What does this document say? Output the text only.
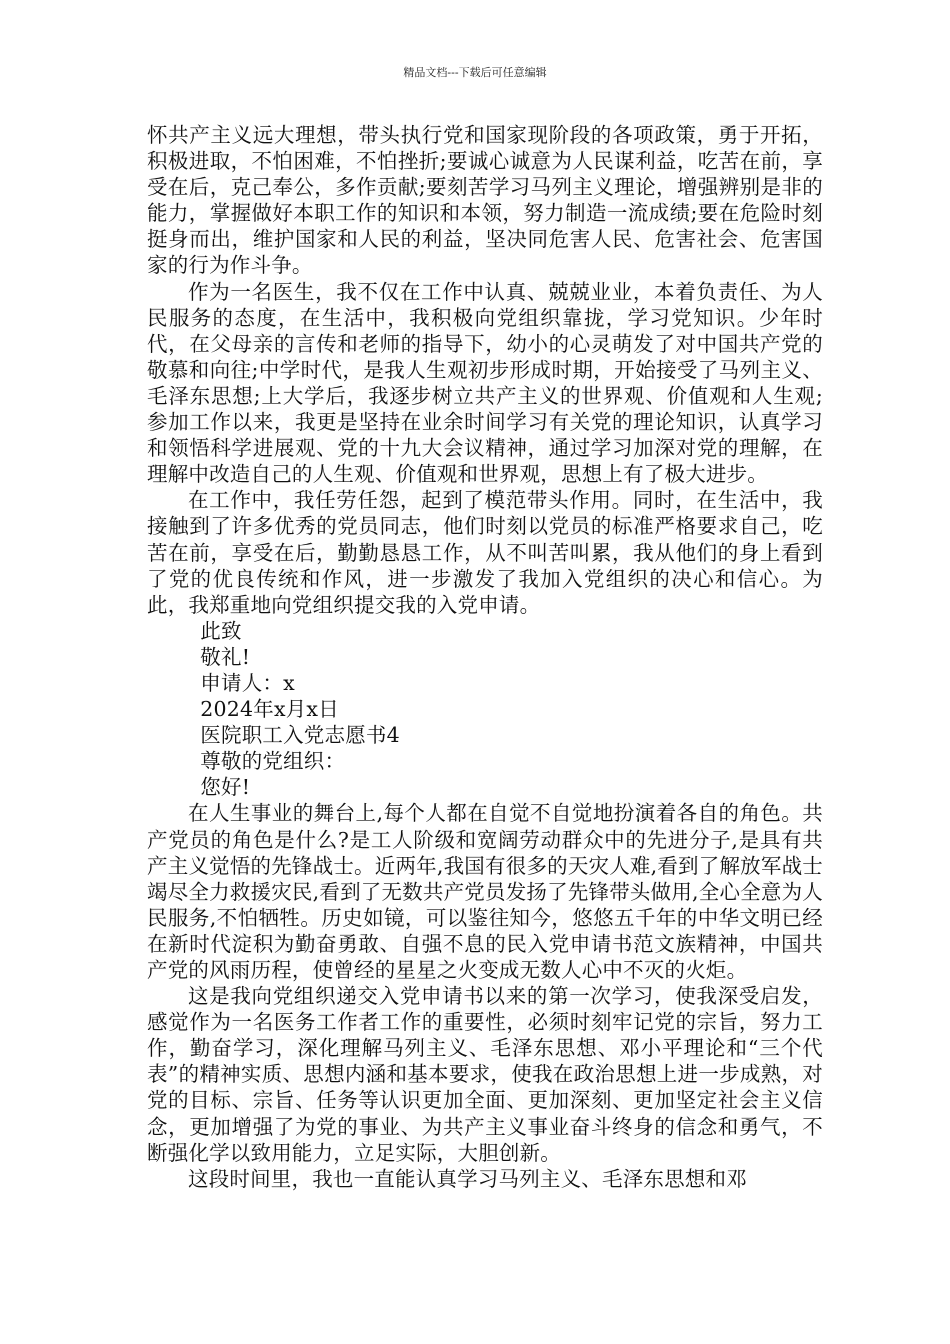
精品文档---下载后可任意编辑

怀共产主义远大理想，带头执行党和国家现阶段的各项政策，勇于开拓，积极进取，不怕困难，不怕挫折;要诚心诚意为人民谋利益，吃苦在前，享受在后，克己奉公，多作贡献;要刻苦学习马列主义理论，增强辨别是非的能力，掌握做好本职工作的知识和本领，努力制造一流成绩;要在危险时刻挺身而出，维护国家和人民的利益，坚决同危害人民、危害社会、危害国家的行为作斗争。

作为一名医生，我不仅在工作中认真、兢兢业业，本着负责任、为人民服务的态度，在生活中，我积极向党组织靠拢，学习党知识。少年时代，在父母亲的言传和老师的指导下，幼小的心灵萌发了对中国共产党的敬慕和向往;中学时代，是我人生观初步形成时期，开始接受了马列主义、毛泽东思想;上大学后，我逐步树立共产主义的世界观、价值观和人生观;参加工作以来，我更是坚持在业余时间学习有关党的理论知识，认真学习和领悟科学进展观、党的十九大会议精神，通过学习加深对党的理解，在理解中改造自己的人生观、价值观和世界观，思想上有了极大进步。

在工作中，我任劳任怨，起到了模范带头作用。同时，在生活中，我接触到了许多优秀的党员同志，他们时刻以党员的标准严格要求自己，吃苦在前，享受在后，勤勤恳恳工作，从不叫苦叫累，我从他们的身上看到了党的优良传统和作风，进一步激发了我加入党组织的决心和信心。为此，我郑重地向党组织提交我的入党申请。

此致

敬礼!

申请人：x

2024年x月x日

医院职工入党志愿书4

尊敬的党组织：

您好!

在人生事业的舞台上,每个人都在自觉不自觉地扮演着各自的角色。共产党员的角色是什么?是工人阶级和宽阔劳动群众中的先进分子,是具有共产主义觉悟的先锋战士。近两年,我国有很多的天灾人难,看到了解放军战士竭尽全力救援灾民,看到了无数共产党员发扬了先锋带头做用,全心全意为人民服务,不怕牺牲。历史如镜，可以鉴往知今，悠悠五千年的中华文明已经在新时代淀积为勤奋勇敢、自强不息的民入党申请书范文族精神，中国共产党的风雨历程，使曾经的星星之火变成无数人心中不灭的火炬。

这是我向党组织递交入党申请书以来的第一次学习，使我深受启发，感觉作为一名医务工作者工作的重要性，必须时刻牢记党的宗旨，努力工作，勤奋学习，深化理解马列主义、毛泽东思想、邓小平理论和“三个代表”的精神实质、思想内涵和基本要求，使我在政治思想上进一步成熟，对党的目标、宗旨、任务等认识更加全面、更加深刻、更加坚定社会主义信念，更加增强了为党的事业、为共产主义事业奋斗终身的信念和勇气，不断强化学以致用能力，立足实际，大胆创新。

这段时间里，我也一直能认真学习马列主义、毛泽东思想和邓
